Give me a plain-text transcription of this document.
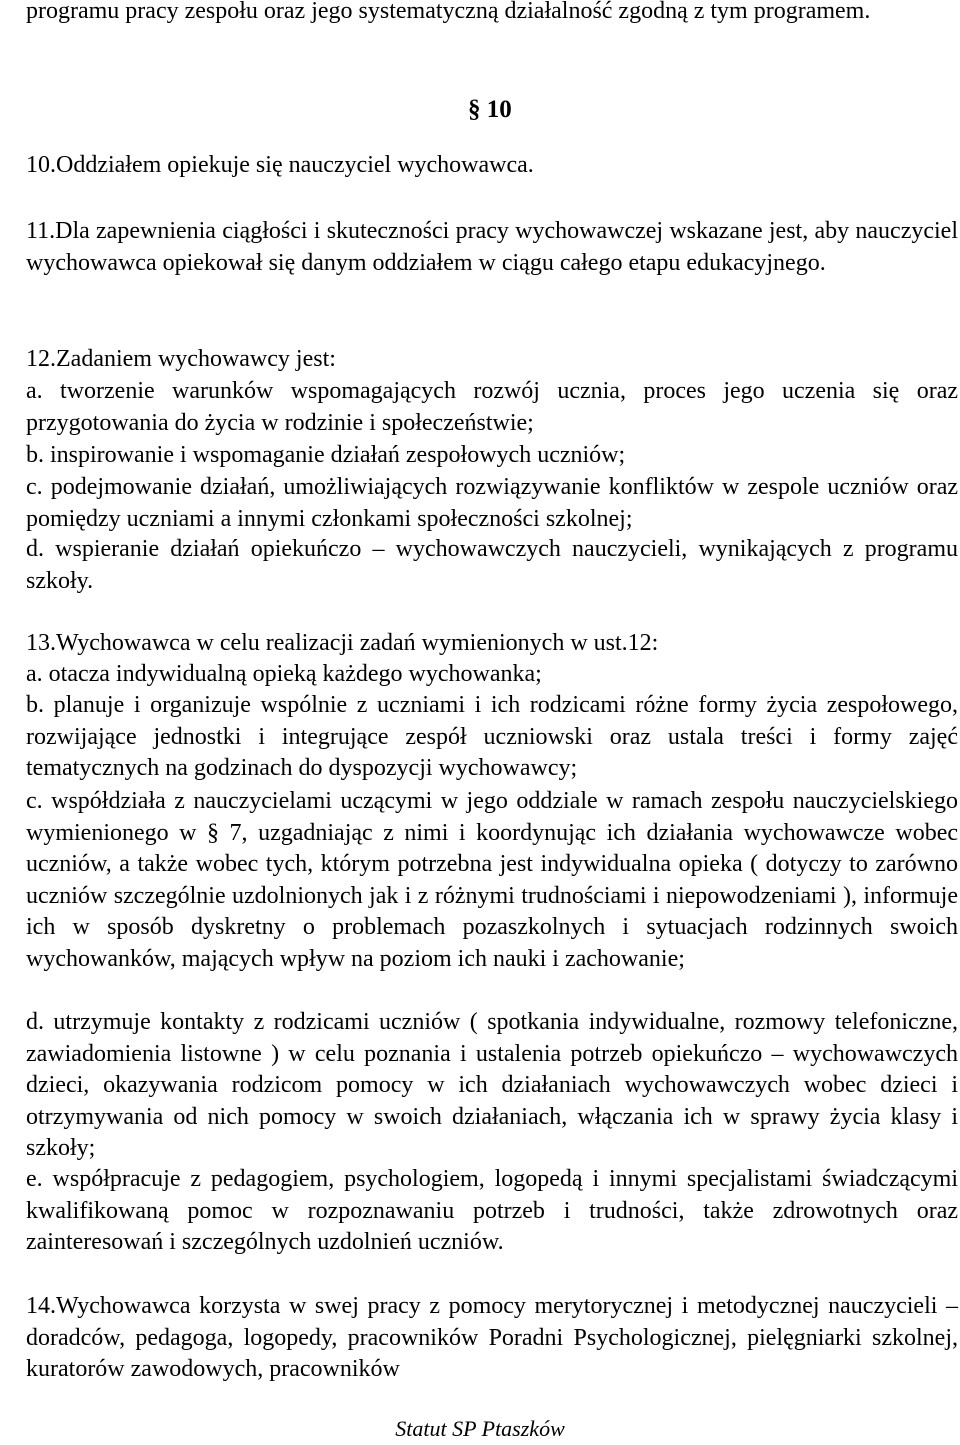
programu pracy zespołu oraz jego systematyczną działalność zgodną z tym programem.
§ 10
10.Oddziałem opiekuje się nauczyciel wychowawca.
11.Dla zapewnienia ciągłości i skuteczności pracy wychowawczej wskazane jest, aby nauczyciel wychowawca opiekował się danym oddziałem w ciągu całego etapu edukacyjnego.
12.Zadaniem wychowawcy jest:
a. tworzenie warunków wspomagających rozwój ucznia, proces jego uczenia się oraz przygotowania do życia w rodzinie i społeczeństwie;
b. inspirowanie i wspomaganie działań zespołowych uczniów;
c. podejmowanie działań, umożliwiających rozwiązywanie konfliktów w zespole uczniów oraz pomiędzy uczniami a innymi członkami społeczności szkolnej;
d. wspieranie działań opiekuńczo – wychowawczych nauczycieli, wynikających z programu szkoły.
13.Wychowawca w celu realizacji zadań wymienionych w ust.12:
a. otacza indywidualną opieką każdego wychowanka;
b. planuje i organizuje wspólnie z uczniami i ich rodzicami różne formy życia zespołowego, rozwijające jednostki i integrujące zespół uczniowski oraz ustala treści i formy zajęć tematycznych na godzinach do dyspozycji wychowawcy;
c. współdziała z nauczycielami uczącymi w jego oddziale w ramach zespołu nauczycielskiego wymienionego w § 7, uzgadniając z nimi i koordynując ich działania wychowawcze wobec uczniów, a także wobec tych, którym potrzebna jest indywidualna opieka ( dotyczy to zarówno uczniów szczególnie uzdolnionych jak i z różnymi trudnościami i niepowodzeniami ), informuje ich w sposób dyskretny o problemach pozaszkolnych i sytuacjach rodzinnych swoich wychowanków, mających wpływ na poziom ich nauki i zachowanie;
d. utrzymuje kontakty z rodzicami uczniów ( spotkania indywidualne, rozmowy telefoniczne, zawiadomienia listowne ) w celu poznania i ustalenia potrzeb opiekuńczo – wychowawczych dzieci, okazywania rodzicom pomocy w ich działaniach wychowawczych wobec dzieci i otrzymywania od nich pomocy w swoich działaniach, włączania ich w sprawy życia klasy i szkoły;
e. współpracuje z pedagogiem, psychologiem, logopedą i innymi specjalistami świadczącymi kwalifikowaną pomoc w rozpoznawaniu potrzeb i trudności, także zdrowotnych oraz zainteresowań i szczególnych uzdolnień uczniów.
14.Wychowawca korzysta w swej pracy z pomocy merytorycznej i metodycznej nauczycieli – doradców, pedagoga, logopedy, pracowników Poradni Psychologicznej, pielęgniarki szkolnej, kuratorów zawodowych, pracowników
Statut SP Ptaszków
